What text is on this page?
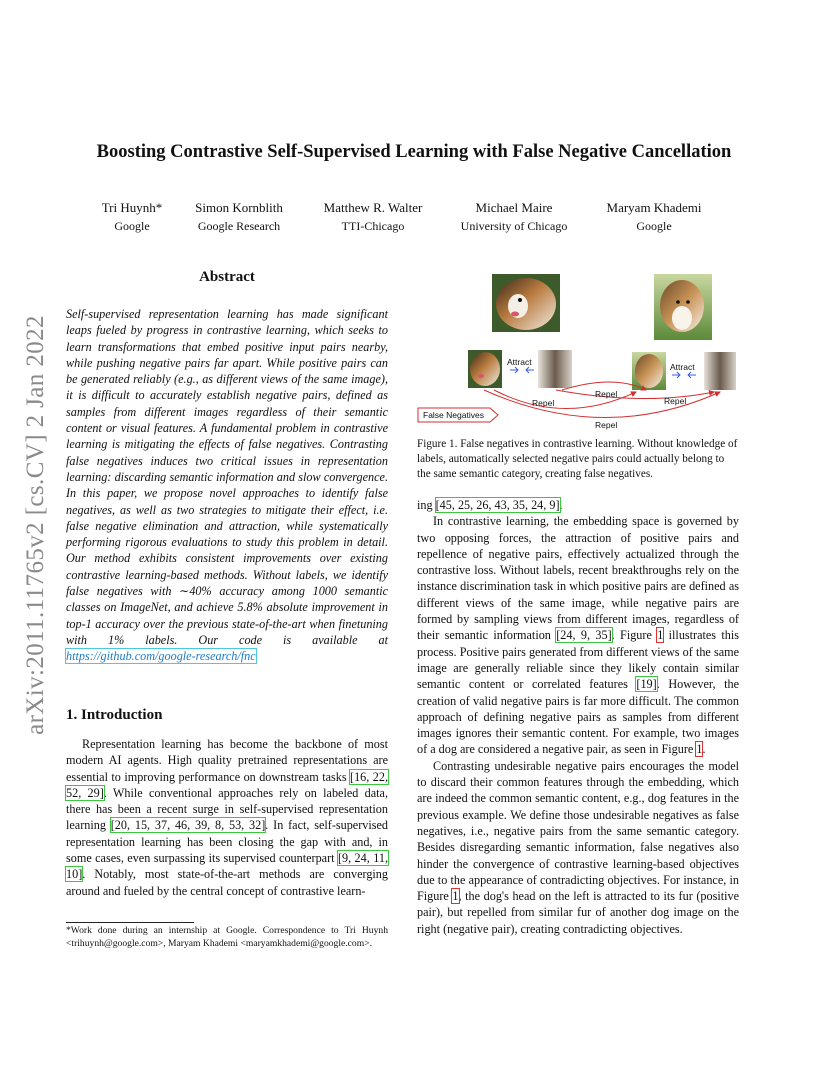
arXiv:2011.11765v2 [cs.CV] 2 Jan 2022
Boosting Contrastive Self-Supervised Learning with False Negative Cancellation
Tri Huynh*
Google
Simon Kornblith
Google Research
Matthew R. Walter
TTI-Chicago
Michael Maire
University of Chicago
Maryam Khademi
Google
Abstract
Self-supervised representation learning has made significant leaps fueled by progress in contrastive learning, which seeks to learn transformations that embed positive input pairs nearby, while pushing negative pairs far apart. While positive pairs can be generated reliably (e.g., as different views of the same image), it is difficult to accurately establish negative pairs, defined as samples from different images regardless of their semantic content or visual features. A fundamental problem in contrastive learning is mitigating the effects of false negatives. Contrasting false negatives induces two critical issues in representation learning: discarding semantic information and slow convergence. In this paper, we propose novel approaches to identify false negatives, as well as two strategies to mitigate their effect, i.e. false negative elimination and attraction, while systematically performing rigorous evaluations to study this problem in detail. Our method exhibits consistent improvements over existing contrastive learning-based methods. Without labels, we identify false negatives with ∼40% accuracy among 1000 semantic classes on ImageNet, and achieve 5.8% absolute improvement in top-1 accuracy over the previous state-of-the-art when finetuning with 1% labels. Our code is available at https://github.com/google-research/fnc
1. Introduction
Representation learning has become the backbone of most modern AI agents. High quality pretrained representations are essential to improving performance on downstream tasks [16, 22, 52, 29]. While conventional approaches rely on labeled data, there has been a recent surge in self-supervised representation learning [20, 15, 37, 46, 39, 8, 53, 32]. In fact, self-supervised representation learning has been closing the gap with and, in some cases, even surpassing its supervised counterpart [9, 24, 11, 10]. Notably, most state-of-the-art methods are converging around and fueled by the central concept of contrastive learn-
*Work done during an internship at Google. Correspondence to Tri Huynh <trihuynh@google.com>, Maryam Khademi <maryamkhademi@google.com>.
Attract	Attract
Repel
Repel
Repel
Repel
False Negatives
Figure 1. False negatives in contrastive learning. Without knowledge of labels, automatically selected negative pairs could actually belong to the same semantic category, creating false negatives.

ing [45, 25, 26, 43, 35, 24, 9].

In contrastive learning, the embedding space is governed by two opposing forces, the attraction of positive pairs and repellence of negative pairs, effectively actualized through the contrastive loss. Without labels, recent breakthroughs rely on the instance discrimination task in which positive pairs are defined as different views of the same image, while negative pairs are formed by sampling views from different images, regardless of their semantic information [24, 9, 35]. Figure 1 illustrates this process. Positive pairs generated from different views of the same image are generally reliable since they likely contain similar semantic content or correlated features [19]. However, the creation of valid negative pairs is far more difficult. The common approach of defining negative pairs as samples from different images ignores their semantic content. For example, two images of a dog are considered a negative pair, as seen in Figure 1.

Contrasting undesirable negative pairs encourages the model to discard their common features through the embedding, which are indeed the common semantic content, e.g., dog features in the previous example. We define those undesirable negatives as false negatives, i.e., negative pairs from the same semantic category. Besides disregarding semantic information, false negatives also hinder the convergence of contrastive learning-based objectives due to the appearance of contradicting objectives. For instance, in Figure 1, the dog's head on the left is attracted to its fur (positive pair), but repelled from similar fur of another dog image on the right (negative pair), creating contradicting objectives.
